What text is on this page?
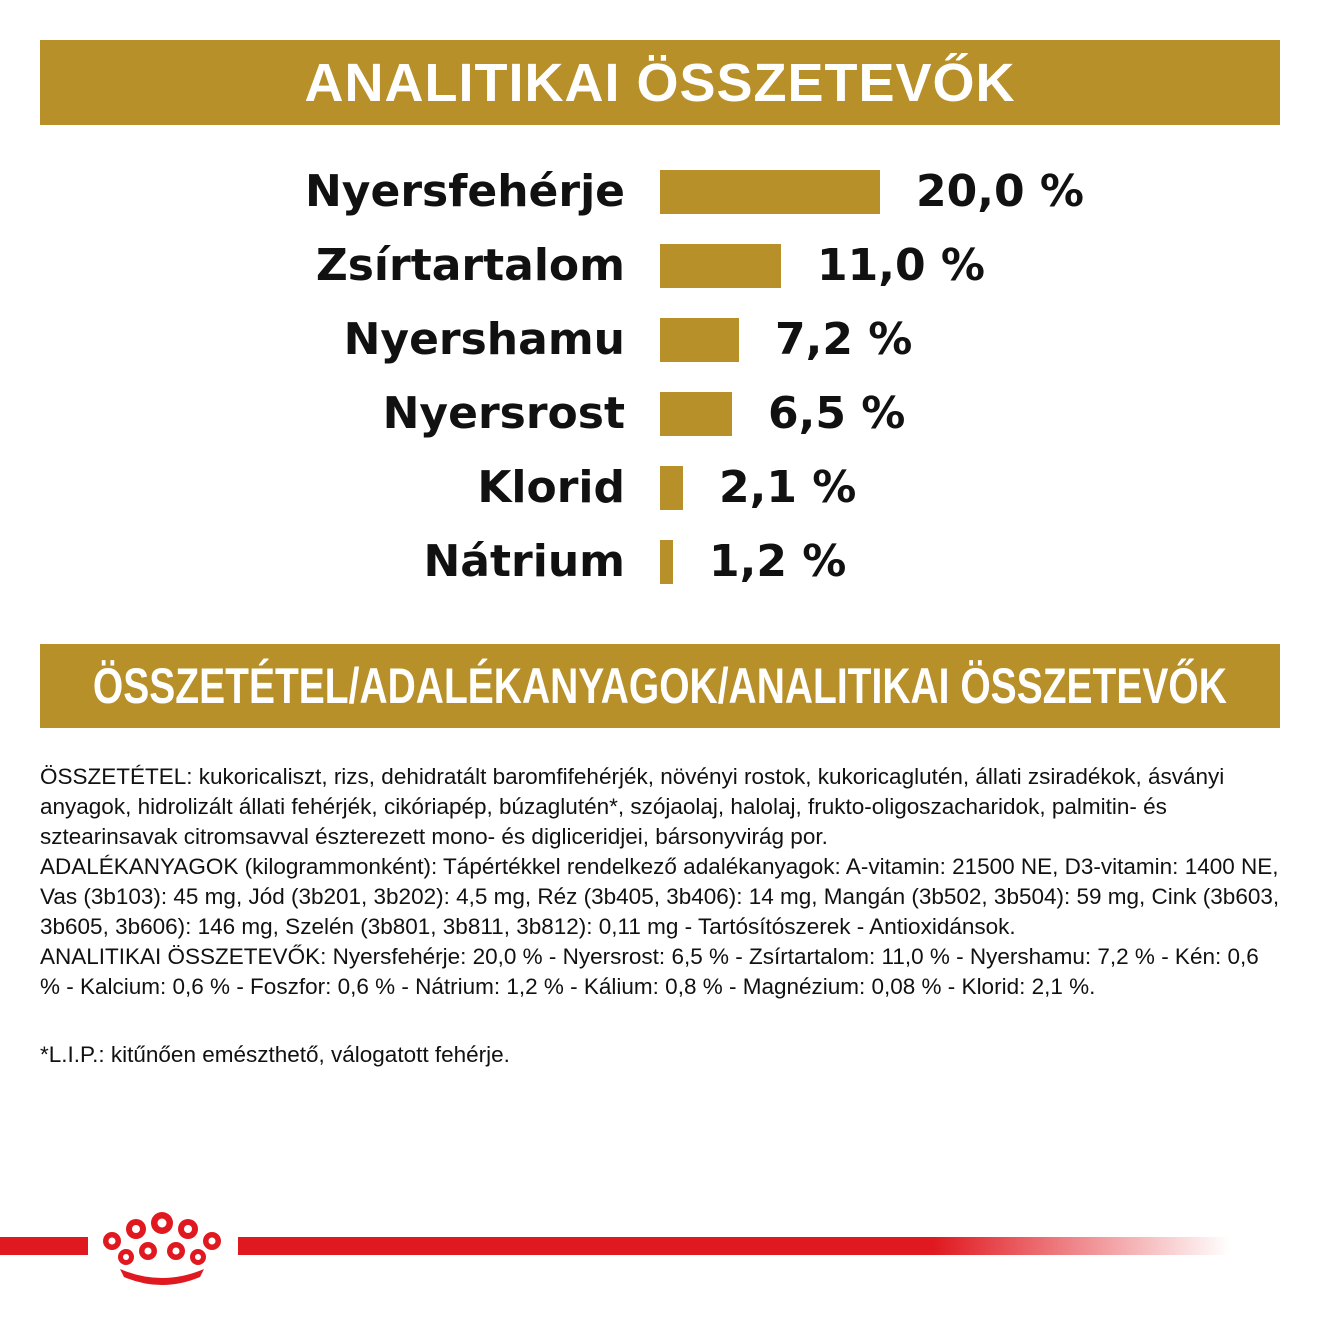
ANALITIKAI ÖSSZETEVŐK
Nyersfehérje	20,0 %
Zsírtartalom	11,0 %
Nyershamu	7,2 %
Nyersrost	6,5 %
Klorid 2,1 %
Nátrium 1,2 %
ÖSSZETÉTEL/ADALÉKANYAGOK/ANALITIKAI ÖSSZETEVŐK

ÖSSZETÉTEL: kukoricaliszt, rizs, dehidratált baromfifehérjék, növényi rostok, kukoricaglutén, állati zsiradékok, ásványi anyagok, hidrolizált állati fehérjék, cikóriapép, búzaglutén*, szójaolaj, halolaj, frukto-oligoszacharidok, palmitin- és sztearinsavak citromsavval észterezett mono- és digliceridjei, bársonyvirág por.

ADALÉKANYAGOK (kilogrammonként): Tápértékkel rendelkező adalékanyagok: A-vitamin: 21500 NE, D3-vitamin: 1400 NE, Vas (3b103): 45 mg, Jód (3b201, 3b202): 4,5 mg, Réz (3b405, 3b406): 14 mg, Mangán (3b502, 3b504): 59 mg, Cink (3b603, 3b605, 3b606): 146 mg, Szelén (3b801, 3b811, 3b812): 0,11 mg - Tartósítószerek - Antioxidánsok.

ANALITIKAI ÖSSZETEVŐK: Nyersfehérje: 20,0 % - Nyersrost: 6,5 % - Zsírtartalom: 11,0 % - Nyershamu: 7,2 % - Kén: 0,6 % - Kalcium: 0,6 % - Foszfor: 0,6 % - Nátrium: 1,2 % - Kálium: 0,8 % - Magnézium: 0,08 % - Klorid: 2,1 %.

*L.I.P.: kitűnően emészthető, válogatott fehérje.
